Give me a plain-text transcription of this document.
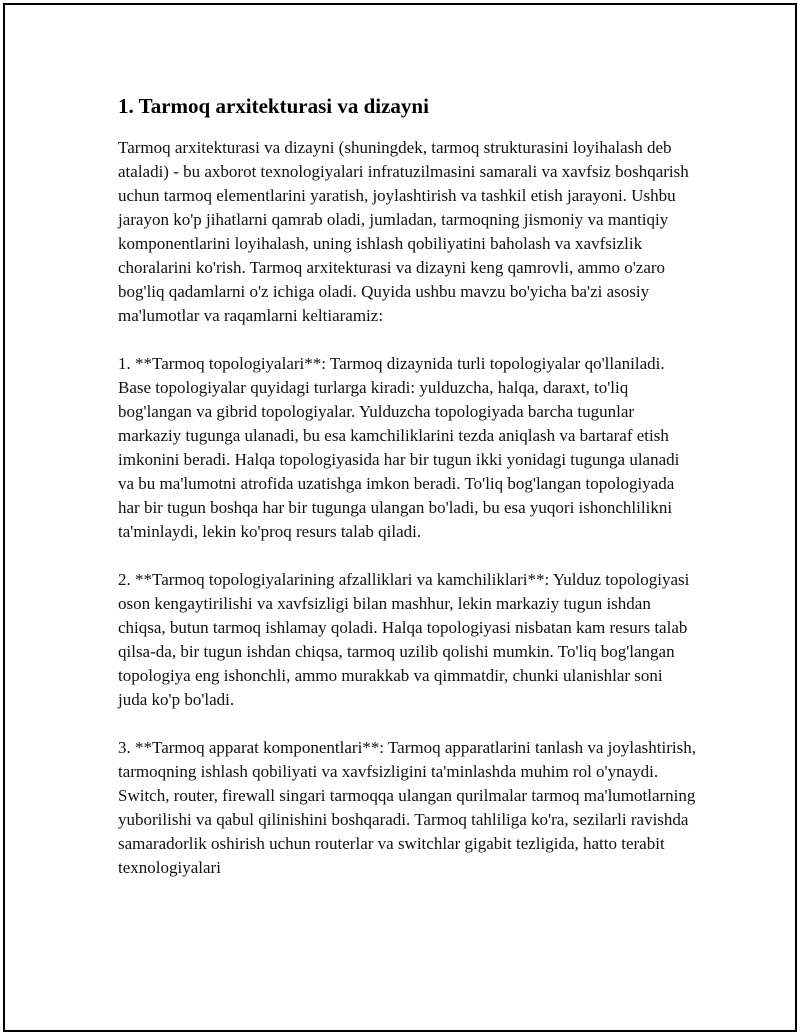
1. Tarmoq arxitekturasi va dizayni

Tarmoq arxitekturasi va dizayni (shuningdek, tarmoq strukturasini loyihalash deb ataladi) - bu axborot texnologiyalari infratuzilmasini samarali va xavfsiz boshqarish uchun tarmoq elementlarini yaratish, joylashtirish va tashkil etish jarayoni. Ushbu jarayon ko'p jihatlarni qamrab oladi, jumladan, tarmoqning jismoniy va mantiqiy komponentlarini loyihalash, uning ishlash qobiliyatini baholash va xavfsizlik choralarini ko'rish. Tarmoq arxitekturasi va dizayni keng qamrovli, ammo o'zaro bog'liq qadamlarni o'z ichiga oladi. Quyida ushbu mavzu bo'yicha ba'zi asosiy ma'lumotlar va raqamlarni keltiaramiz:

1. **Tarmoq topologiyalari**: Tarmoq dizaynida turli topologiyalar qo'llaniladi. Base topologiyalar quyidagi turlarga kiradi: yulduzcha, halqa, daraxt, to'liq bog'langan va gibrid topologiyalar. Yulduzcha topologiyada barcha tugunlar markaziy tugunga ulanadi, bu esa kamchiliklarini tezda aniqlash va bartaraf etish imkonini beradi. Halqa topologiyasida har bir tugun ikki yonidagi tugunga ulanadi va bu ma'lumotni atrofida uzatishga imkon beradi. To'liq bog'langan topologiyada har bir tugun boshqa har bir tugunga ulangan bo'ladi, bu esa yuqori ishonchlilikni ta'minlaydi, lekin ko'proq resurs talab qiladi.

2. **Tarmoq topologiyalarining afzalliklari va kamchiliklari**: Yulduz topologiyasi oson kengaytirilishi va xavfsizligi bilan mashhur, lekin markaziy tugun ishdan chiqsa, butun tarmoq ishlamay qoladi. Halqa topologiyasi nisbatan kam resurs talab qilsa-da, bir tugun ishdan chiqsa, tarmoq uzilib qolishi mumkin. To'liq bog'langan topologiya eng ishonchli, ammo murakkab va qimmatdir, chunki ulanishlar soni juda ko'p bo'ladi.

3. **Tarmoq apparat komponentlari**: Tarmoq apparatlarini tanlash va joylashtirish, tarmoqning ishlash qobiliyati va xavfsizligini ta'minlashda muhim rol o'ynaydi. Switch, router, firewall singari tarmoqqa ulangan qurilmalar tarmoq ma'lumotlarning yuborilishi va qabul qilinishini boshqaradi. Tarmoq tahliliga ko'ra, sezilarli ravishda samaradorlik oshirish uchun routerlar va switchlar gigabit tezligida, hatto terabit texnologiyalari
